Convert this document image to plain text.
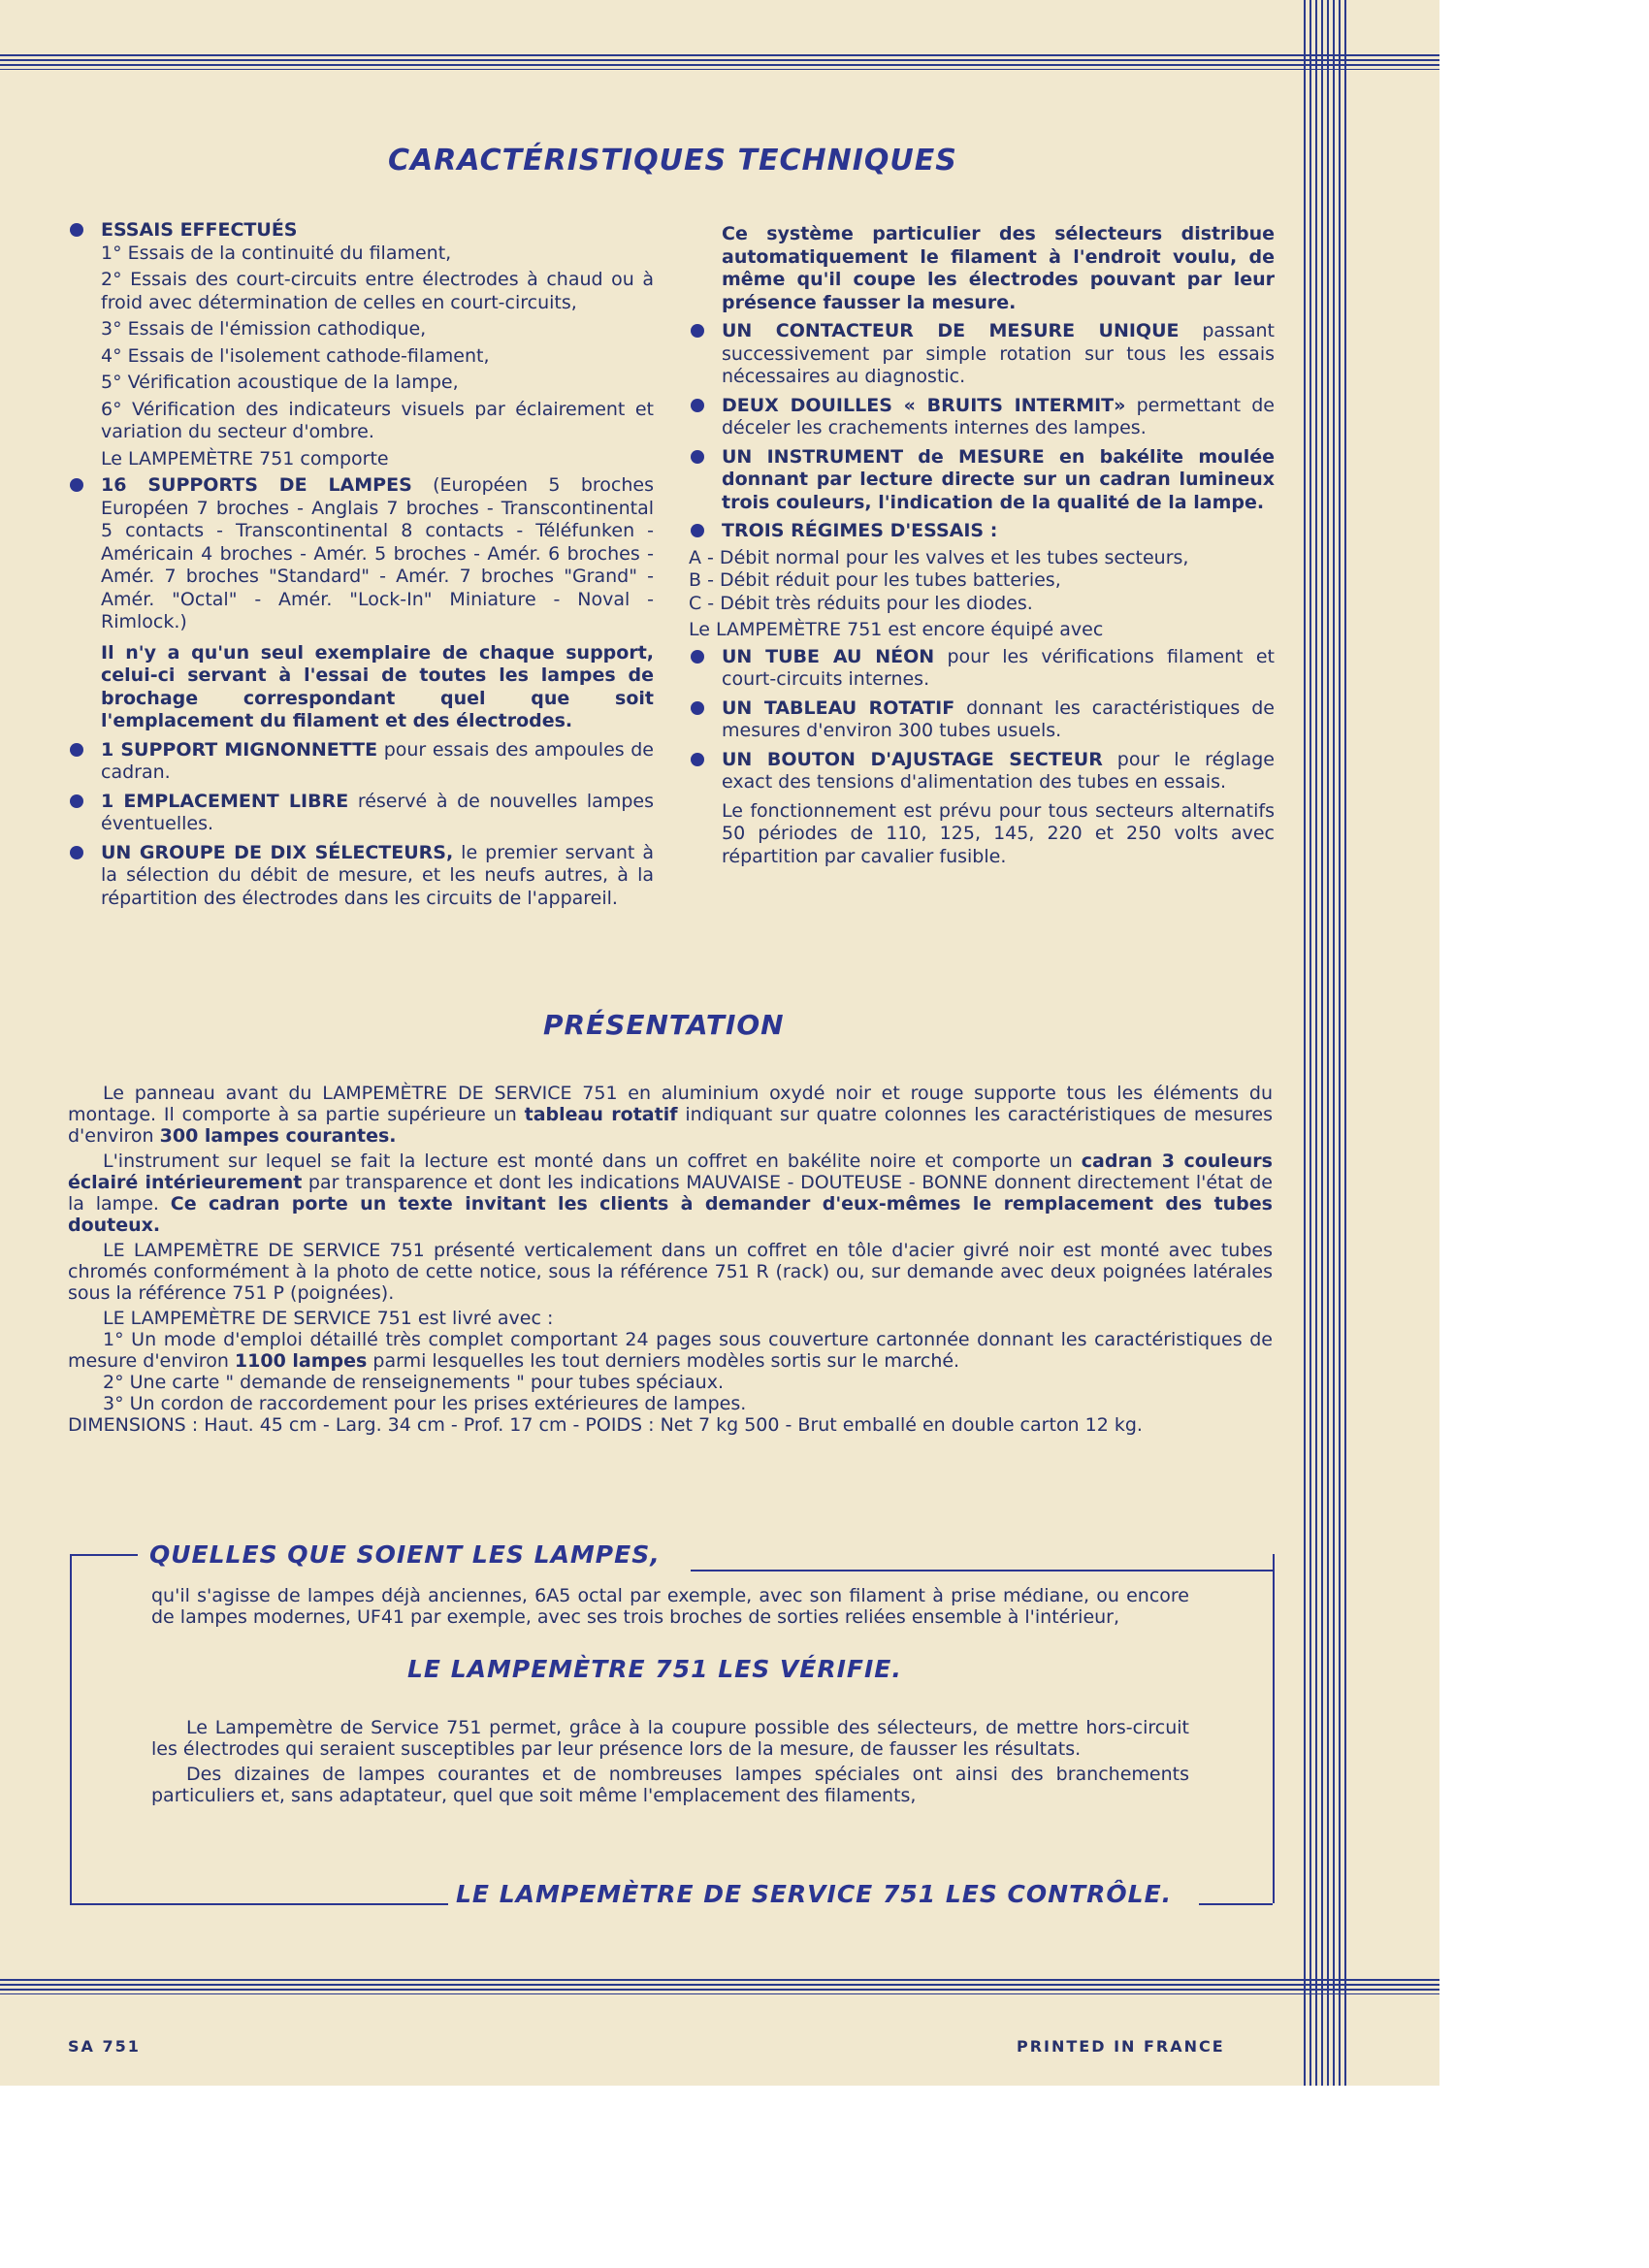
CARACTÉRISTIQUES TECHNIQUES
ESSAIS EFFECTUÉS
1° Essais de la continuité du filament,
2° Essais des court-circuits entre électrodes à chaud ou à froid avec détermination de celles en court-circuits,
3° Essais de l'émission cathodique,
4° Essais de l'isolement cathode-filament,
5° Vérification acoustique de la lampe,
6° Vérification des indicateurs visuels par éclairement et variation du secteur d'ombre.
Le LAMPEMÈTRE 751 comporte
16 SUPPORTS DE LAMPES (Européen 5 broches Européen 7 broches - Anglais 7 broches - Transcontinental 5 contacts - Transcontinental 8 contacts - Téléfunken - Américain 4 broches - Amér. 5 broches - Amér. 6 broches - Amér. 7 broches "Standard" - Amér. 7 broches "Grand" - Amér. "Octal" - Amér. "Lock-In" Miniature - Noval - Rimlock.)
Il n'y a qu'un seul exemplaire de chaque support, celui-ci servant à l'essai de toutes les lampes de brochage correspondant quel que soit l'emplacement du filament et des électrodes.
1 SUPPORT MIGNONNETTE pour essais des ampoules de cadran.
1 EMPLACEMENT LIBRE réservé à de nouvelles lampes éventuelles.
UN GROUPE DE DIX SÉLECTEURS, le premier servant à la sélection du débit de mesure, et les neufs autres, à la répartition des électrodes dans les circuits de l'appareil.
Ce système particulier des sélecteurs distribue automatiquement le filament à l'endroit voulu, de même qu'il coupe les électrodes pouvant par leur présence fausser la mesure.
UN CONTACTEUR DE MESURE UNIQUE passant successivement par simple rotation sur tous les essais nécessaires au diagnostic.
DEUX DOUILLES « BRUITS INTERMIT» permettant de déceler les crachements internes des lampes.
UN INSTRUMENT de MESURE en bakélite moulée donnant par lecture directe sur un cadran lumineux trois couleurs, l'indication de la qualité de la lampe.
TROIS RÉGIMES D'ESSAIS :
A - Débit normal pour les valves et les tubes secteurs,
B - Débit réduit pour les tubes batteries,
C - Débit très réduits pour les diodes.
Le LAMPEMÈTRE 751 est encore équipé avec
UN TUBE AU NÉON pour les vérifications filament et court-circuits internes.
UN TABLEAU ROTATIF donnant les caractéristiques de mesures d'environ 300 tubes usuels.
UN BOUTON D'AJUSTAGE SECTEUR pour le réglage exact des tensions d'alimentation des tubes en essais.
Le fonctionnement est prévu pour tous secteurs alternatifs 50 périodes de 110, 125, 145, 220 et 250 volts avec répartition par cavalier fusible.
PRÉSENTATION
Le panneau avant du LAMPEMÈTRE DE SERVICE 751 en aluminium oxydé noir et rouge supporte tous les éléments du montage. Il comporte à sa partie supérieure un tableau rotatif indiquant sur quatre colonnes les caractéristiques de mesures d'environ 300 lampes courantes.
L'instrument sur lequel se fait la lecture est monté dans un coffret en bakélite noire et comporte un cadran 3 couleurs éclairé intérieurement par transparence et dont les indications MAUVAISE - DOUTEUSE - BONNE donnent directement l'état de la lampe. Ce cadran porte un texte invitant les clients à demander d'eux-mêmes le remplacement des tubes douteux.
LE LAMPEMÈTRE DE SERVICE 751 présenté verticalement dans un coffret en tôle d'acier givré noir est monté avec tubes chromés conformément à la photo de cette notice, sous la référence 751 R (rack) ou, sur demande avec deux poignées latérales sous la référence 751 P (poignées).
LE LAMPEMÈTRE DE SERVICE 751 est livré avec :
1° Un mode d'emploi détaillé très complet comportant 24 pages sous couverture cartonnée donnant les caractéristiques de mesure d'environ 1100 lampes parmi lesquelles les tout derniers modèles sortis sur le marché.
2° Une carte " demande de renseignements " pour tubes spéciaux.
3° Un cordon de raccordement pour les prises extérieures de lampes.
DIMENSIONS : Haut. 45 cm - Larg. 34 cm - Prof. 17 cm - POIDS : Net 7 kg 500 - Brut emballé en double carton 12 kg.
QUELLES QUE SOIENT LES LAMPES,
qu'il s'agisse de lampes déjà anciennes, 6A5 octal par exemple, avec son filament à prise médiane, ou encore de lampes modernes, UF41 par exemple, avec ses trois broches de sorties reliées ensemble à l'intérieur,
LE LAMPEMÈTRE 751 LES VÉRIFIE.
Le Lampemètre de Service 751 permet, grâce à la coupure possible des sélecteurs, de mettre hors-circuit les électrodes qui seraient susceptibles par leur présence lors de la mesure, de fausser les résultats.
Des dizaines de lampes courantes et de nombreuses lampes spéciales ont ainsi des branchements particuliers et, sans adaptateur, quel que soit même l'emplacement des filaments,
LE LAMPEMÈTRE DE SERVICE 751 LES CONTRÔLE.
SA 751	PRINTED IN FRANCE
